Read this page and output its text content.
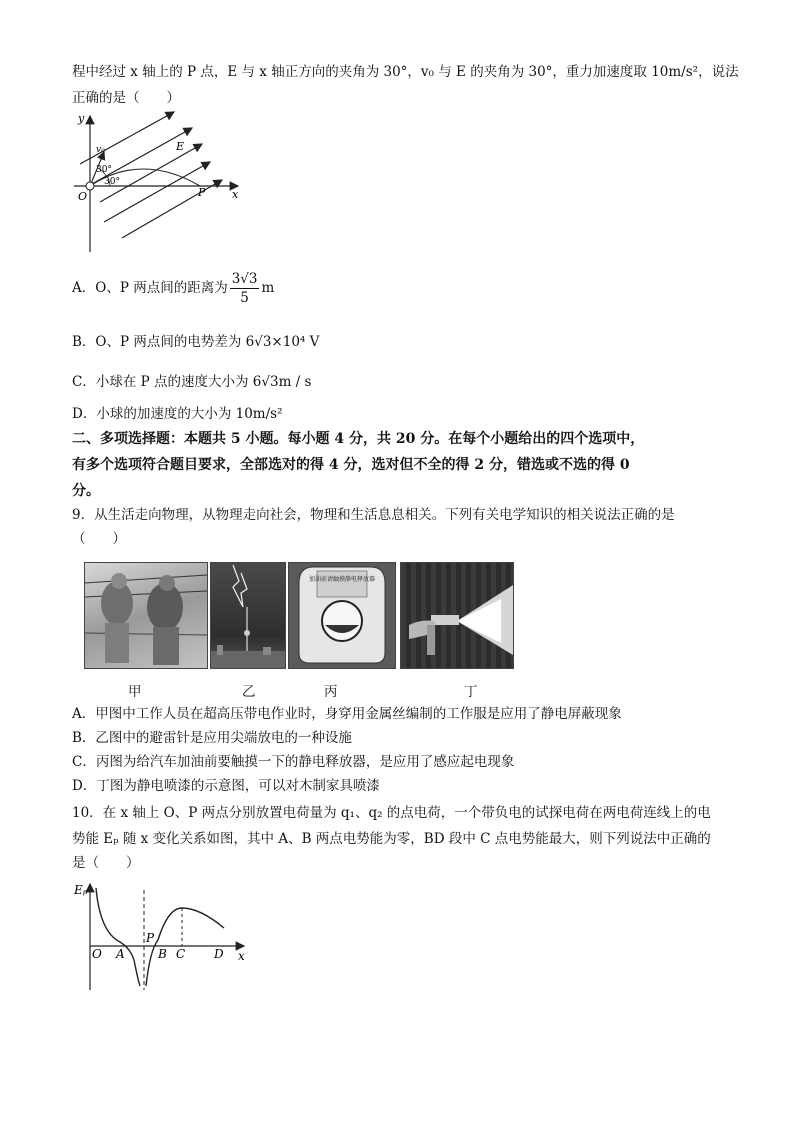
程中经过 x 轴上的 P 点，E 与 x 轴正方向的夹角为 30°，v₀ 与 E 的夹角为 30°，重力加速度取 10m/s²，说法
正确的是（　　）
y
x
O	P
E
v₀
30°
30°
A．O、P 两点间的距离为 $\frac{3√3}{5}$ m
B．O、P 两点间的电势差为 6√3×10⁴ V
C．小球在 P 点的速度大小为 6√3m / s
D．小球的加速度的大小为 10m/s²
二、多项选择题：本题共 5 小题。每小题 4 分，共 20 分。在每个小题给出的四个选项中，
有多个选项符合题目要求，全部选对的得 4 分，选对但不全的得 2 分，错选或不选的得 0
分。
9．从生活走向物理，从物理走向社会，物理和生活息息相关。下列有关电学知识的相关说法正确的是
（　　）
加油前请触摸静电释放器
甲	乙	丙	丁
A．甲图中工作人员在超高压带电作业时，身穿用金属丝编制的工作服是应用了静电屏蔽现象
B．乙图中的避雷针是应用尖端放电的一种设施
C．丙图为给汽车加油前要触摸一下的静电释放器，是应用了感应起电现象
D．丁图为静电喷漆的示意图，可以对木制家具喷漆
10．在 x 轴上 O、P 两点分别放置电荷量为 q₁、q₂ 的点电荷，一个带负电的试探电荷在两电荷连线上的电
势能 Eₚ 随 x 变化关系如图，其中 A、B 两点电势能为零，BD 段中 C 点电势能最大，则下列说法中正确的
是（　　）
Eₚ
x
O A
P
B C D
